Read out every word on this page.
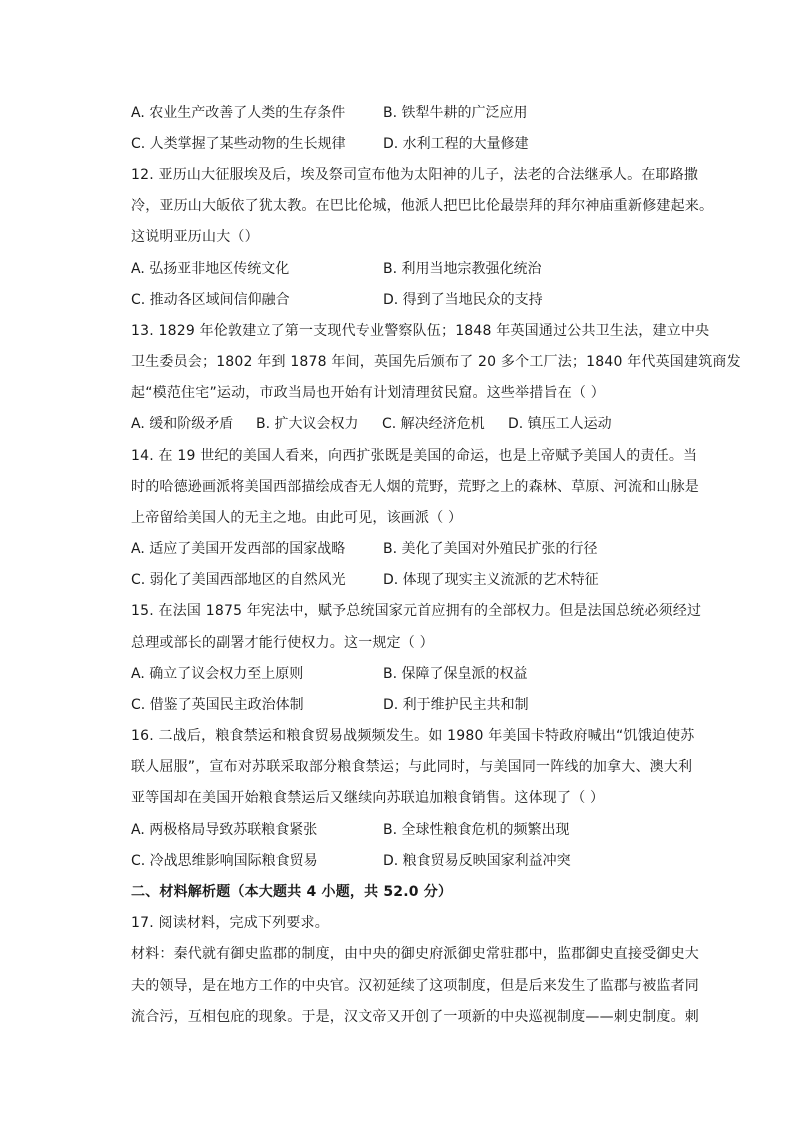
A. 农业生产改善了人类的生存条件	B. 铁犁牛耕的广泛应用
C. 人类掌握了某些动物的生长规律	D. 水利工程的大量修建
12. 亚历山大征服埃及后，埃及祭司宣布他为太阳神的儿子，法老的合法继承人。在耶路撒
冷，亚历山大皈依了犹太教。在巴比伦城，他派人把巴比伦最崇拜的拜尔神庙重新修建起来。
这说明亚历山大（）
A. 弘扬亚非地区传统文化	B. 利用当地宗教强化统治
C. 推动各区域间信仰融合	D. 得到了当地民众的支持
13. 1829 年伦敦建立了第一支现代专业警察队伍；1848 年英国通过公共卫生法，建立中央
卫生委员会；1802 年到 1878 年间，英国先后颁布了 20 多个工厂法；1840 年代英国建筑商发
起“模范住宅”运动，市政当局也开始有计划清理贫民窟。这些举措旨在（ ）
A. 缓和阶级矛盾 B. 扩大议会权力 C. 解决经济危机 D. 镇压工人运动
14. 在 19 世纪的美国人看来，向西扩张既是美国的命运，也是上帝赋予美国人的责任。当
时的哈德逊画派将美国西部描绘成杳无人烟的荒野，荒野之上的森林、草原、河流和山脉是
上帝留给美国人的无主之地。由此可见，该画派（ ）
A. 适应了美国开发西部的国家战略	B. 美化了美国对外殖民扩张的行径
C. 弱化了美国西部地区的自然风光	D. 体现了现实主义流派的艺术特征
15. 在法国 1875 年宪法中，赋予总统国家元首应拥有的全部权力。但是法国总统必须经过
总理或部长的副署才能行使权力。这一规定（ ）
A. 确立了议会权力至上原则	B. 保障了保皇派的权益
C. 借鉴了英国民主政治体制	D. 利于维护民主共和制
16. 二战后，粮食禁运和粮食贸易战频频发生。如 1980 年美国卡特政府喊出“饥饿迫使苏
联人屈服”，宣布对苏联采取部分粮食禁运；与此同时，与美国同一阵线的加拿大、澳大利
亚等国却在美国开始粮食禁运后又继续向苏联追加粮食销售。这体现了（ ）
A. 两极格局导致苏联粮食紧张	B. 全球性粮食危机的频繁出现
C. 冷战思维影响国际粮食贸易	D. 粮食贸易反映国家利益冲突
二、材料解析题（本大题共 4 小题，共 52.0 分）
17. 阅读材料，完成下列要求。
材料：秦代就有御史监郡的制度，由中央的御史府派御史常驻郡中，监郡御史直接受御史大
夫的领导，是在地方工作的中央官。汉初延续了这项制度，但是后来发生了监郡与被监者同
流合污，互相包庇的现象。于是，汉文帝又开创了一项新的中央巡视制度——刺史制度。刺
